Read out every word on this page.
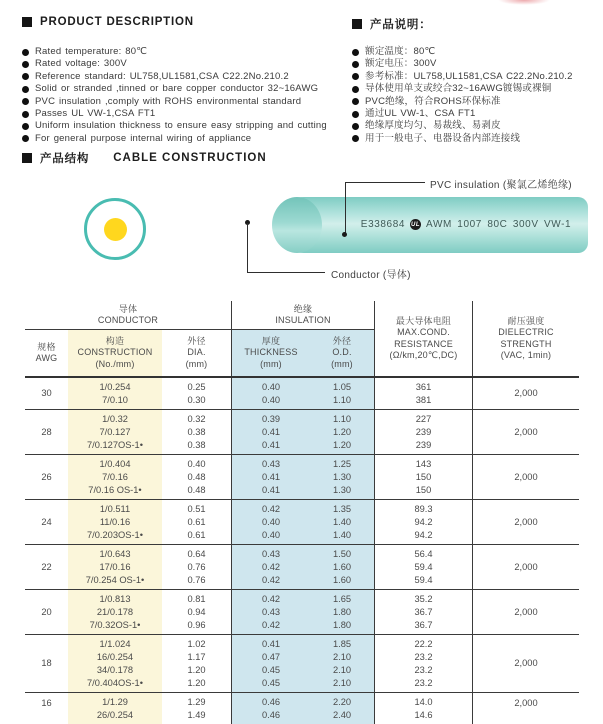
PRODUCT DESCRIPTION
Rated temperature: 80℃
Rated voltage: 300V
Reference standard: UL758,UL1581,CSA C22.2No.210.2
Solid or stranded ,tinned or bare copper conductor 32~16AWG
PVC insulation ,comply with ROHS environmental standard
Passes UL VW-1,CSA FT1
Uniform insulation thickness to ensure easy stripping and cutting
For general purpose internal wiring of appliance
产品说明：
额定温度：80℃
额定电压：300V
参考标准：UL758,UL1581,CSA C22.2No.210.2
导体使用单支或绞合32~16AWG镀锡或裸铜
PVC绝缘，符合ROHS环保标准
通过UL VW-1、CSA FT1
绝缘厚度均匀、易裁线、易剥皮
用于一般电子、电器设备内部连接线
产品结构 CABLE CONSTRUCTION
E338684 UL AWM 1007 80C 300V VW-1
PVC insulation (聚氯乙烯绝缘)
Conductor (导体)
导体
CONDUCTOR
绝缘
INSULATION
规格
AWG
构造
CONSTRUCTION
(No./mm)
外径
DIA.
(mm)
厚度
THICKNESS
(mm)
外径
O.D.
(mm)
最大导体电阻
MAX.COND.
RESISTANCE
(Ω/km,20℃,DC)
耐压强度
DIELECTRIC
STRENGTH
(VAC, 1min)
30
1/0.254
7/0.10
0.25
0.30
0.40
0.40
1.05
1.10
361
381
2,000
28
1/0.32
7/0.127
7/0.127OS-1•
0.32
0.38
0.38
0.39
0.41
0.41
1.10
1.20
1.20
227
239
239
2,000
26
1/0.404
7/0.16
7/0.16 OS-1•
0.40
0.48
0.48
0.43
0.41
0.41
1.25
1.30
1.30
143
150
150
2,000
24
1/0.511
11/0.16
7/0.203OS-1•
0.51
0.61
0.61
0.42
0.40
0.40
1.35
1.40
1.40
89.3
94.2
94.2
2,000
22
1/0.643
17/0.16
7/0.254 OS-1•
0.64
0.76
0.76
0.43
0.42
0.42
1.50
1.60
1.60
56.4
59.4
59.4
2,000
20
1/0.813
21/0.178
7/0.32OS-1•
0.81
0.94
0.96
0.42
0.43
0.42
1.65
1.80
1.80
35.2
36.7
36.7
2,000
18
1/1.024
16/0.254
34/0.178
7/0.404OS-1•
1.02
1.17
1.20
1.20
0.41
0.47
0.45
0.45
1.85
2.10
2.10
2.10
22.2
23.2
23.2
23.2
2,000
16	1/1.29
26/0.254
1.29
1.49
0.46
0.46
2.20
2.40
14.0
14.6
2,000
